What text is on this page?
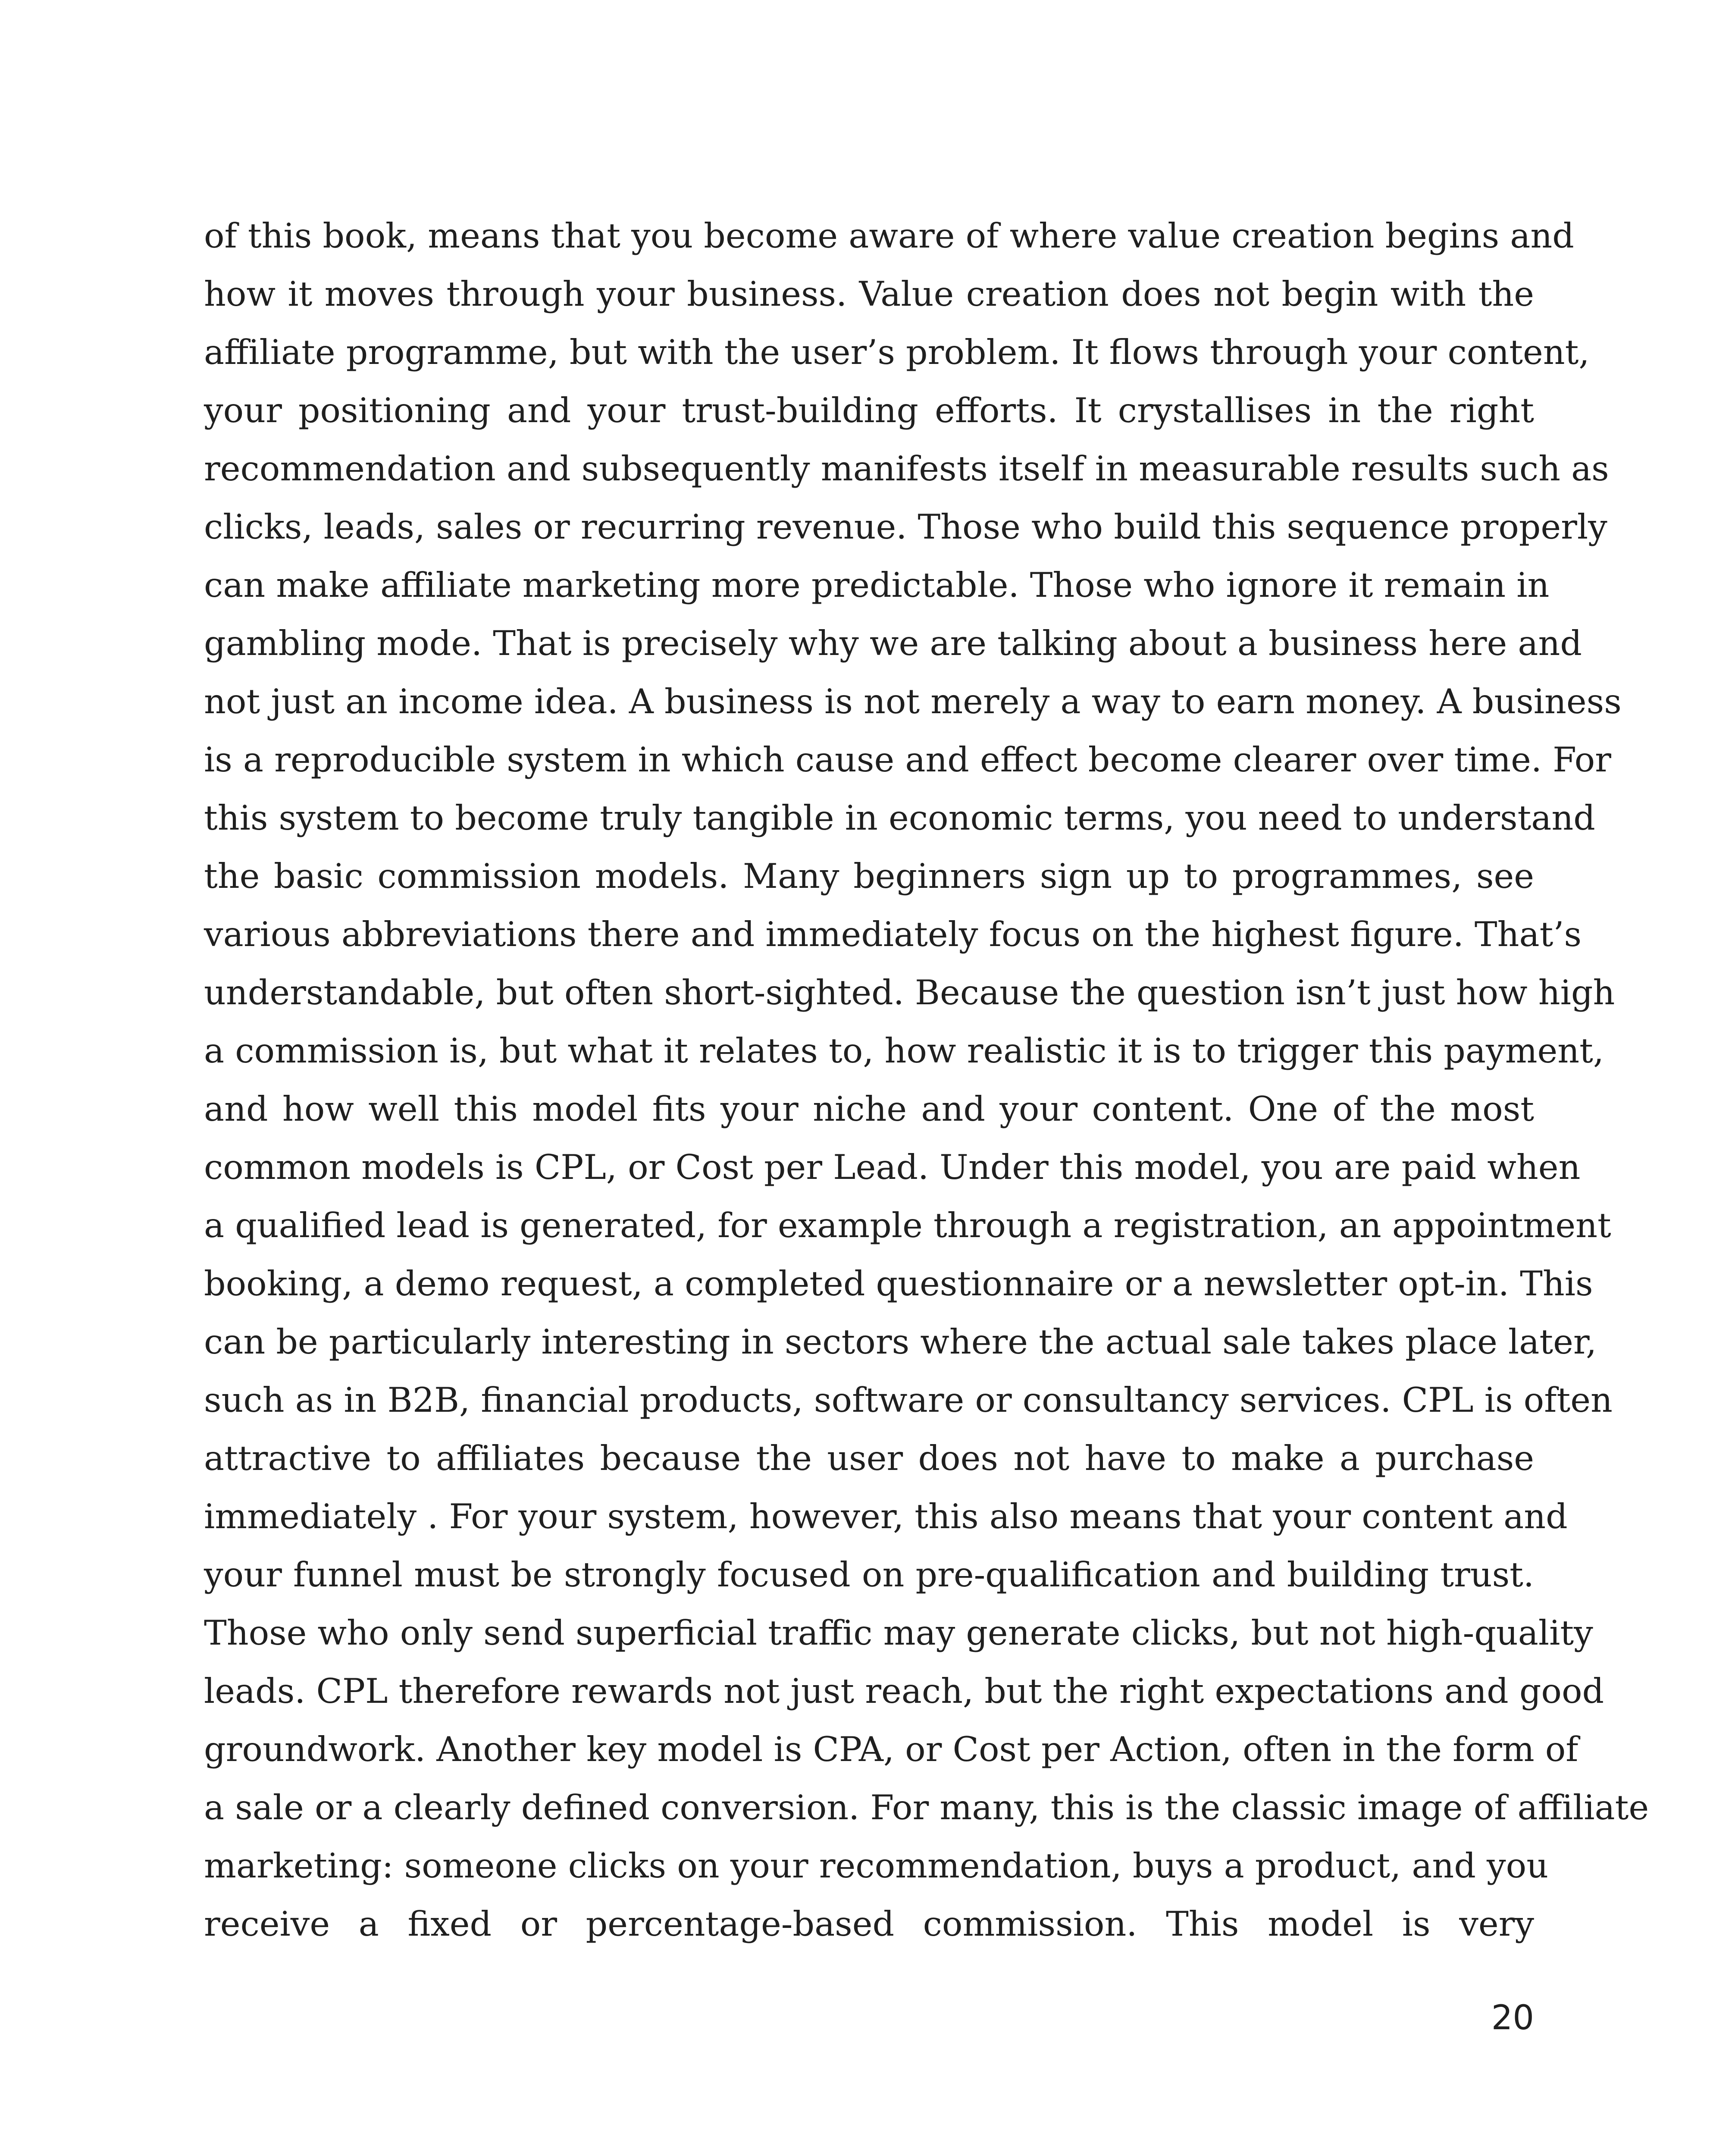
of this book, means that you become aware of where value creation begins and
how it moves through your business. Value creation does not begin with the
affiliate programme, but with the user’s problem. It flows through your content,
your positioning and your trust-building efforts. It crystallises in the right
recommendation and subsequently manifests itself in measurable results such as
clicks, leads, sales or recurring revenue. Those who build this sequence properly
can make affiliate marketing more predictable. Those who ignore it remain in
gambling mode. That is precisely why we are talking about a business here and
not just an income idea. A business is not merely a way to earn money. A business
is a reproducible system in which cause and effect become clearer over time. For
this system to become truly tangible in economic terms, you need to understand
the basic commission models. Many beginners sign up to programmes, see
various abbreviations there and immediately focus on the highest figure. That’s
understandable, but often short-sighted. Because the question isn’t just how high
a commission is, but what it relates to, how realistic it is to trigger this payment,
and how well this model fits your niche and your content. One of the most
common models is CPL, or Cost per Lead. Under this model, you are paid when
a qualified lead is generated, for example through a registration, an appointment
booking, a demo request, a completed questionnaire or a newsletter opt-in. This
can be particularly interesting in sectors where the actual sale takes place later,
such as in B2B, financial products, software or consultancy services. CPL is often
attractive to affiliates because the user does not have to make a purchase
immediately . For your system, however, this also means that your content and
your funnel must be strongly focused on pre-qualification and building trust.
Those who only send superficial traffic may generate clicks, but not high-quality
leads. CPL therefore rewards not just reach, but the right expectations and good
groundwork. Another key model is CPA, or Cost per Action, often in the form of
a sale or a clearly defined conversion. For many, this is the classic image of affiliate
marketing: someone clicks on your recommendation, buys a product, and you
receive a fixed or percentage-based commission. This model is very
20
